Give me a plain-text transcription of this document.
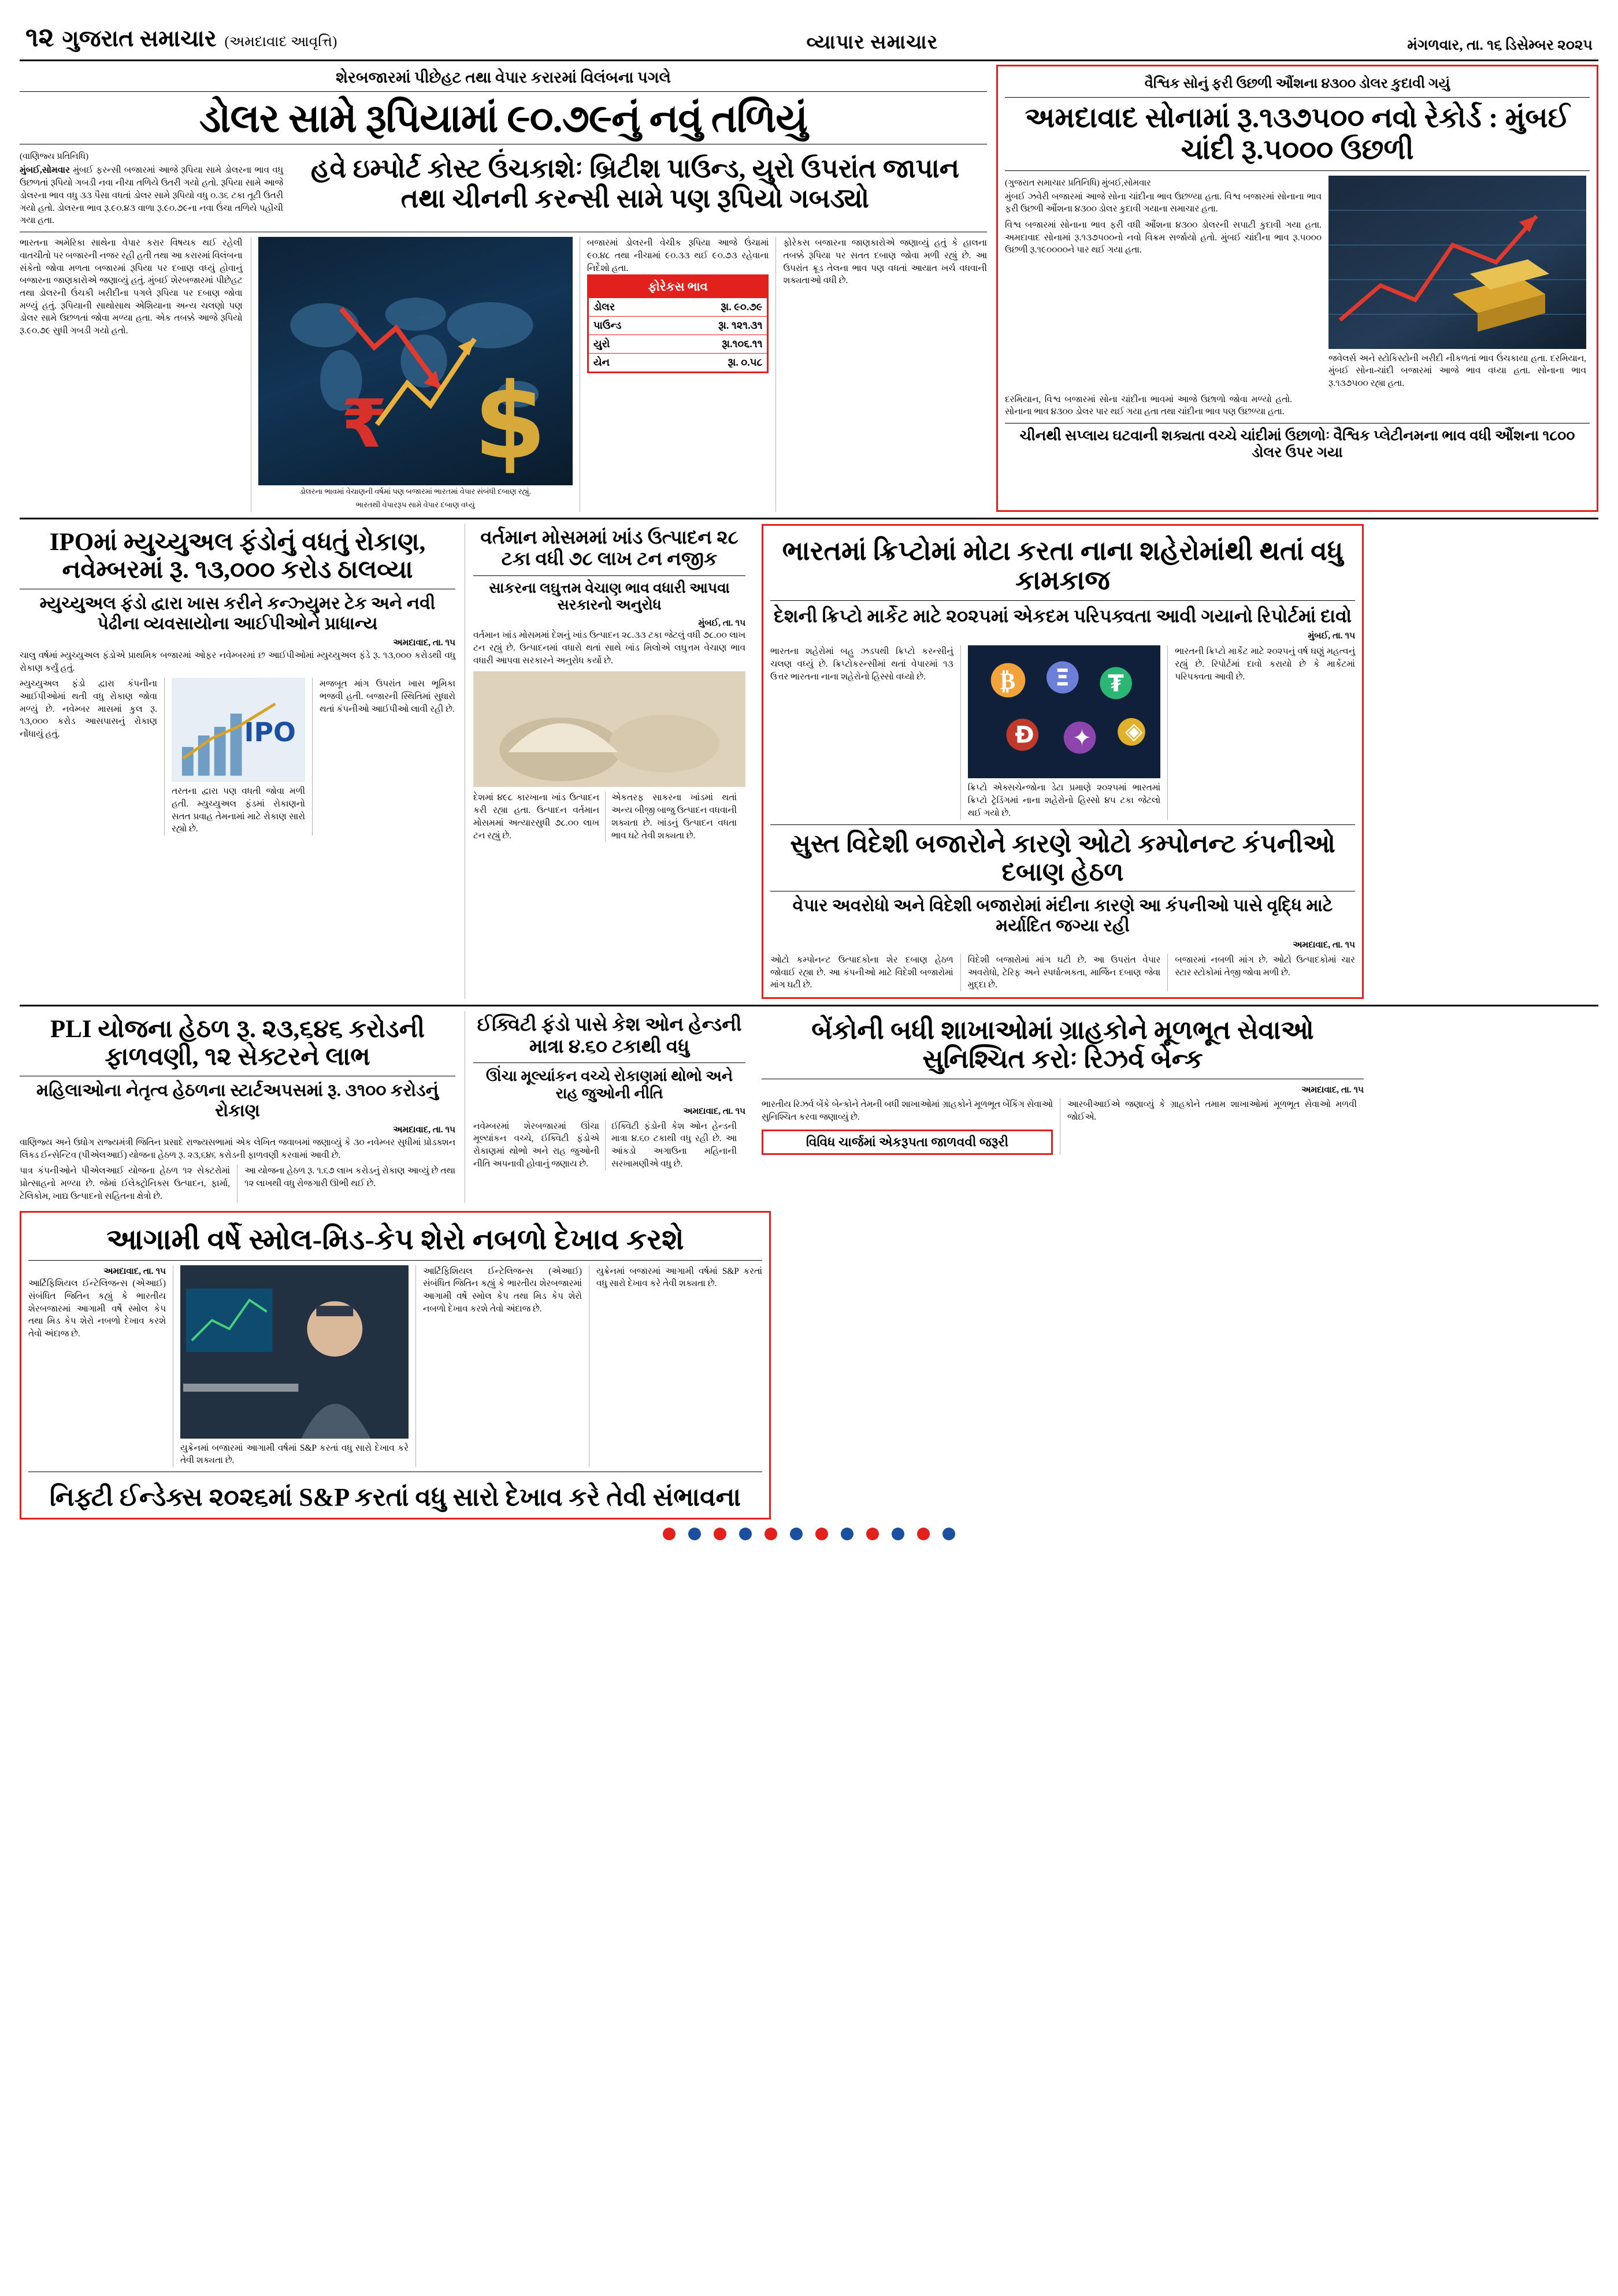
૧૨ ગુજરાત સમાચાર (અમદાવાદ આવૃત્તિ)	વ્યાપાર સમાચાર	મંગળવાર, તા. ૧૬ ડિસેમ્બર ૨૦૨૫
શેરબજારમાં પીછેહટ તથા વેપાર કરારમાં વિલંબના પગલે
ડોલર સામે રૂપિયામાં ૯૦.૭૯નું નવું તળિયું
(વાણિજ્ય પ્રતિનિધિ)
મુંબઈ,સોમવાર મુંબઈ ફરન્સી બજારમાં આજે રૂપિયા સામે ડોલરના ભાવ વધુ ઉછળતાં રૂપિયો ગબડી નવા નીચા તળિયે ઉતરી ગયો હતો. રૂપિયા સામે આજે ડોલરના ભાવ વધુ ૩૩ પૈસા વધતાં ડોલર સામે રૂપિયો વધુ ૦.૩૬ ટકા તૂટી ઉતરી ગયો હતો. ડોલરના ભાવ રૂ.૯૦.૪૩ વાળા રૂ.૯૦.૭૯ના નવા ઉંચા તળિયે પહોંચી ગયા હતા.
હવે ઇમ્પોર્ટ કોસ્ટ ઉંચકાશેઃ બ્રિટીશ પાઉન્ડ, યુરો ઉપરાંત જાપાન તથા ચીનની કરન્સી સામે પણ રૂપિયો ગબડ્યો
ભારતના અમેરિકા સાથેના વેપાર કરાર વિષયક થઈ રહેલી વાતચીતો પર બજારની નજર રહી હતી તથા આ કરારમાં વિલંબના સંકેતો જોવા મળતા બજારમાં રૂપિયા પર દબાણ વધ્યું હોવાનું બજારના જાણકારોએ જણાવ્યું હતું. મુંબઈ શેરબજારમાં પીછેહટ તથા ડોલરની ઉંચકી ખરીદીના પગલે રૂપિયા પર દબાણ જોવા મળ્યું હતું. રૂપિયાની સાથોસાથ એશિયાના અન્ય ચલણો પણ ડોલર સામે ઉછળતાં જોવા મળ્યા હતા. એક તબક્કે આજે રૂપિયો રૂ.૯૦.૭૯ સુધી ગબડી ગયો હતો.
₹ $
ડોલરના ભાવમાં વેચાણની વર્ષમાં પણ બજારમાં ભારતમાં વેપાર સંબંધી દબાણ રહ્યું.
ભારતથી વેપારરૂપ સામે વેપાર દબાણ વધ્યું
બજારમાં ડોલરની વેચીક રૂપિયા આજે ઉંચામાં ૯૦.૪૮ તથા નીચામાં ૯૦.૩૩ થઈ ૯૦.૭૩ રહેવાના નિર્દેશો હતા.
ફોરેકસ ભાવ	
ડોલર	રૂા. ૯૦.૭૯
પાઉન્ડ	રૂા. ૧૨૧.૩૧
યુરો	રૂા.૧૦૬.૧૧
યેન	રૂા. ૦.૫૮
ફોરેકસ બજારના જાણકારોએ જણાવ્યું હતું કે હાલના તબક્કે રૂપિયા પર સતત દબાણ જોવા મળી રહ્યું છે. આ ઉપરાંત ક્રૂડ તેલના ભાવ પણ વધતાં આયાત ખર્ચ વધવાની શક્યતાઓ વધી છે.
વૈશ્વિક સોનું ફરી ઉછળી ઔંશના ૪૩૦૦ ડોલર કુદાવી ગયું
અમદાવાદ સોનામાં રૂ.૧૩૭૫૦૦ નવો રેકોર્ડ : મુંબઈ ચાંદી રૂ.૫૦૦૦ ઉછળી
(ગુજરાત સમાચાર પ્રતિનિધિ) મુંબઈ,સોમવાર
મુંબઈ ઝવેરી બજારમાં આજે સોના ચાંદીના ભાવ ઉછળ્યા હતા. વિશ્વ બજારમાં સોનાના ભાવ ફરી ઉછળી ઔંશના ૪૩૦૦ ડોલર કુદાવી ગયાના સમાચાર હતા.
વિશ્વ બજારમાં સોનાના ભાવ ફરી વધી ઔંશના ૪૩૦૦ ડોલરની સપાટી કુદાવી ગયા હતા. અમદાવાદ સોનામાં રૂ.૧૩૭૫૦૦નો નવો વિક્રમ સર્જાયો હતો. મુંબઈ ચાંદીના ભાવ રૂ.૫૦૦૦ ઉછળી રૂ.૧૯૦૦૦૦ને પાર થઈ ગયા હતા.
જવેલર્સ અને સ્ટોકિસ્ટોની ખરીદી નીકળતાં ભાવ ઉંચકાયા હતા. દરમિયાન, મુંબઈ સોના-ચાંદી બજારમાં આજે ભાવ વધ્યા હતા. સોનાના ભાવ રૂ.૧૩૭૫૦૦ રહ્યા હતા.
દરમિયાન, વિશ્વ બજારમાં સોના ચાંદીના ભાવમાં આજે ઉછાળો જોવા મળ્યો હતો. સોનાના ભાવ ૪૩૦૦ ડોલર પાર થઈ ગયા હતા તથા ચાંદીના ભાવ પણ ઉછળ્યા હતા.
ચીનથી સપ્લાય ઘટવાની શક્યતા વચ્ચે ચાંદીમાં ઉછાળોઃ વૈશ્વિક પ્લેટીનમના ભાવ વધી ઔંશના ૧૮૦૦ ડોલર ઉપર ગયા
IPOમાં મ્યુચ્યુઅલ ફંડોનું વધતું રોકાણ, નવેમ્બરમાં રૂ. ૧૩,૦૦૦ કરોડ ઠાલવ્યા
મ્યુચ્યુઅલ ફંડો દ્વારા ખાસ કરીને કન્ઝ્યુમર ટેક અને નવી પેઢીના વ્યવસાયોના આઈપીઓને પ્રાધાન્ય
અમદાવાદ, તા. ૧૫
ચાલુ વર્ષમાં મ્યુચ્યુઅલ ફંડોએ પ્રાથમિક બજારમાં ઓફર નવેમ્બરમાં છ આઈપીઓમાં મ્યુચ્યુઅલ ફંડે રૂ. ૧૩,૦૦૦ કરોડથી વધુ રોકાણ કર્યું હતું.
મ્યુચ્યુઅલ ફંડો દ્વારા કંપનીના આઈપીઓમાં થતી વધુ રોકાણ જોવા મળ્યું છે. નવેમ્બર માસમાં કુલ રૂ. ૧૩,૦૦૦ કરોડ આસપાસનું રોકાણ નોંધાયું હતું.	IPO
તરતના દ્વારા પણ વધતી જોવા મળી હતી. મ્યુચ્યુઅલ ફંડમાં રોકાણનો સતત પ્રવાહ તેમનામાં માટે રોકાણ સારો રહ્યો છે.
મજબૂત માંગ ઉપરાંત ખાસ ભૂમિકા ભજવી હતી. બજારની સ્થિતિમાં સુધારો થતાં કંપનીઓ આઈપીઓ લાવી રહી છે.
વર્તમાન મોસમમાં ખાંડ ઉત્પાદન ૨૮ ટકા વધી ૭૮ લાખ ટન નજીક
સાકરના લઘુત્તમ વેચાણ ભાવ વધારી આપવા સરકારનો અનુરોધ
મુંબઈ, તા. ૧૫
વર્તમાન ખાંડ મોસમમાં દેશનું ખાંડ ઉત્પાદન ૨૮.૩૩ ટકા જેટલું વધી ૭૮.૦૦ લાખ ટન રહ્યું છે. ઉત્પાદનમાં વધારો થતાં સાથે ખાંડ મિલોએ લઘુત્તમ વેચાણ ભાવ વધારી આપવા સરકારને અનુરોધ કર્યો છે.
દેશમાં ૪૯૮ કારખાના ખાંડ ઉત્પાદન કરી રહ્યા હતા. ઉત્પાદન વર્તમાન મોસમમાં અત્યારસુધી ૭૮.૦૦ લાખ ટન રહ્યું છે.
એકતરફ સાકરના ખાંડમાં થતાં અન્ય બીજી બાજુ ઉત્પાદન વધવાની શક્યતા છે. ખાંડનું ઉત્પાદન વધતા ભાવ ઘટે તેવી શક્યતા છે.
ભારતમાં ક્રિપ્ટોમાં મોટા કરતા નાના શહેરોમાંથી થતાં વધુ કામકાજ
દેશની ક્રિપ્ટો માર્કેટ માટે ૨૦૨૫માં એકદમ પરિપક્વતા આવી ગયાનો રિપોર્ટમાં દાવો
મુંબઈ, તા. ૧૫
ભારતના શહેરોમાં બહુ ઝડપથી ક્રિપ્ટો કરન્સીનું ચલણ વધ્યું છે. ક્રિપ્ટોકરન્સીમાં થતાં વેપારમાં ૧૩ ઉત્તર ભારતના નાના શહેરોનો હિસ્સો વધ્યો છે.	₿ Ξ ₮
Ð ✦ ◈
ક્રિપ્ટો એક્સચેન્જોના ડેટા પ્રમાણે ૨૦૨૫માં ભારતમાં ક્રિપ્ટો ટ્રેડિંગમાં નાના શહેરોનો હિસ્સો ૪૫ ટકા જેટલો થઈ ગયો છે.
ભારતની ક્રિપ્ટો માર્કેટ માટે ૨૦૨૫નું વર્ષ ઘણું મહત્વનું રહ્યું છે. રિપોર્ટમાં દાવો કરાયો છે કે માર્કેટમાં પરિપક્વતા આવી છે.
સુસ્ત વિદેશી બજારોને કારણે ઓટો કમ્પોનન્ટ કંપનીઓ દબાણ હેઠળ
વેપાર અવરોધો અને વિદેશી બજારોમાં મંદીના કારણે આ કંપનીઓ પાસે વૃદ્ધિ માટે મર્યાદિત જગ્યા રહી
અમદાવાદ, તા. ૧૫
ઓટો કમ્પોનન્ટ ઉત્પાદકોના શેર દબાણ હેઠળ જોવાઈ રહ્યા છે. આ કંપનીઓ માટે વિદેશી બજારોમાં માંગ ઘટી છે.
વિદેશી બજારોમાં માંગ ઘટી છે. આ ઉપરાંત વેપાર અવરોધો, ટેરિફ અને સ્પર્ધાત્મકતા, માર્જિન દબાણ જેવા મુદ્દા છે.
બજારમાં નબળી માંગ છે. ઓટો ઉત્પાદકોમાં ચાર સ્ટાર સ્ટોકોમાં તેજી જોવા મળી છે.
PLI યોજના હેઠળ રૂ. ૨૩,૬૪૬ કરોડની ફાળવણી, ૧૨ સેક્ટરને લાભ
મહિલાઓના નેતૃત્વ હેઠળના સ્ટાર્ટઅપસમાં રૂ. ૩૧૦૦ કરોડનું રોકાણ
અમદાવાદ, તા. ૧૫
વાણિજ્ય અને ઉધોગ રાજ્યમંત્રી જિતિન પ્રસાદે રાજ્યસભામાં એક લેખિત જવાબમાં જણાવ્યું કે ૩૦ નવેમ્બર સુધીમાં પ્રોડક્શન લિંક્ડ ઈન્સેન્ટિવ (પીએલઆઈ) યોજના હેઠળ રૂ. ૨૩,૬૪૬ કરોડની ફાળવણી કરવામાં આવી છે.
પાત્ર કંપનીઓને પીએલઆઈ યોજના હેઠળ ૧૨ સેક્ટરોમાં પ્રોત્સાહનો મળ્યા છે. જેમાં ઈલેક્ટ્રોનિક્સ ઉત્પાદન, ફાર્મા, ટેલિકોમ, ખાદ્ય ઉત્પાદનો સહિતના ક્ષેત્રો છે.
આ યોજના હેઠળ રૂ. ૧.૬૭ લાખ કરોડનું રોકાણ આવ્યું છે તથા ૧૨ લાખથી વધુ રોજગારી ઊભી થઈ છે.
ઈક્વિટી ફંડો પાસે કેશ ઓન હેન્ડની માત્રા ૪.૬૦ ટકાથી વધુ
ઊંચા મૂલ્યાંકન વચ્ચે રોકાણમાં થોભો અને રાહ જુઓની નીતિ
અમદાવાદ, તા. ૧૫
નવેમ્બરમાં શેરબજારમાં ઊંચા મૂલ્યાંકન વચ્ચે, ઈક્વિટી ફંડોએ રોકાણમાં થોભો અને રાહ જુઓની નીતિ અપનાવી હોવાનું જણાય છે.
ઈક્વિટી ફંડોની કેશ ઓન હેન્ડની માત્રા ૪.૬૦ ટકાથી વધુ રહી છે. આ આંકડો અગાઉના મહિનાની સરખામણીએ વધુ છે.
બેંકોની બધી શાખાઓમાં ગ્રાહકોને મૂળભૂત સેવાઓ સુનિશ્ચિત કરોઃ રિઝર્વ બેન્ક
અમદાવાદ, તા. ૧૫
ભારતીય રિઝર્વ બેંકે બેન્કોને તેમની બધી શાખાઓમાં ગ્રાહકોને મૂળભૂત બેંકિંગ સેવાઓ સુનિશ્ચિત કરવા જણાવ્યું છે.
વિવિધ ચાર્જમાં એકરૂપતા જાળવવી જરૂરી
આરબીઆઈએ જણાવ્યું કે ગ્રાહકોને તમામ શાખાઓમાં મૂળભૂત સેવાઓ મળવી જોઈએ.
આગામી વર્ષે સ્મોલ-મિડ-કેપ શેરો નબળો દેખાવ કરશે
અમદાવાદ, તા. ૧૫
આર્ટિફિશિયલ ઈન્ટેલિજન્સ (એઆઈ) સંબંધિત જિતિન કહ્યું કે ભારતીય શેરબજારમાં આગામી વર્ષે સ્મોલ કેપ તથા મિડ કેપ શેરો નબળો દેખાવ કરશે તેવો અંદાજ છે.
યુક્રેનમાં બજારમાં આગામી વર્ષમાં S&P કરતાં વધુ સારો દેખાવ કરે તેવી શક્યતા છે.
આર્ટિફિશિયલ ઈન્ટેલિજન્સ (એઆઈ) સંબંધિત જિતિન કહ્યું કે ભારતીય શેરબજારમાં આગામી વર્ષે સ્મોલ કેપ તથા મિડ કેપ શેરો નબળો દેખાવ કરશે તેવો અંદાજ છે.
યુક્રેનમાં બજારમાં આગામી વર્ષમાં S&P કરતાં વધુ સારો દેખાવ કરે તેવી શક્યતા છે.
નિફ્ટી ઈન્ડેક્સ ૨૦૨૬માં S&P કરતાં વધુ સારો દેખાવ કરે તેવી સંભાવના
